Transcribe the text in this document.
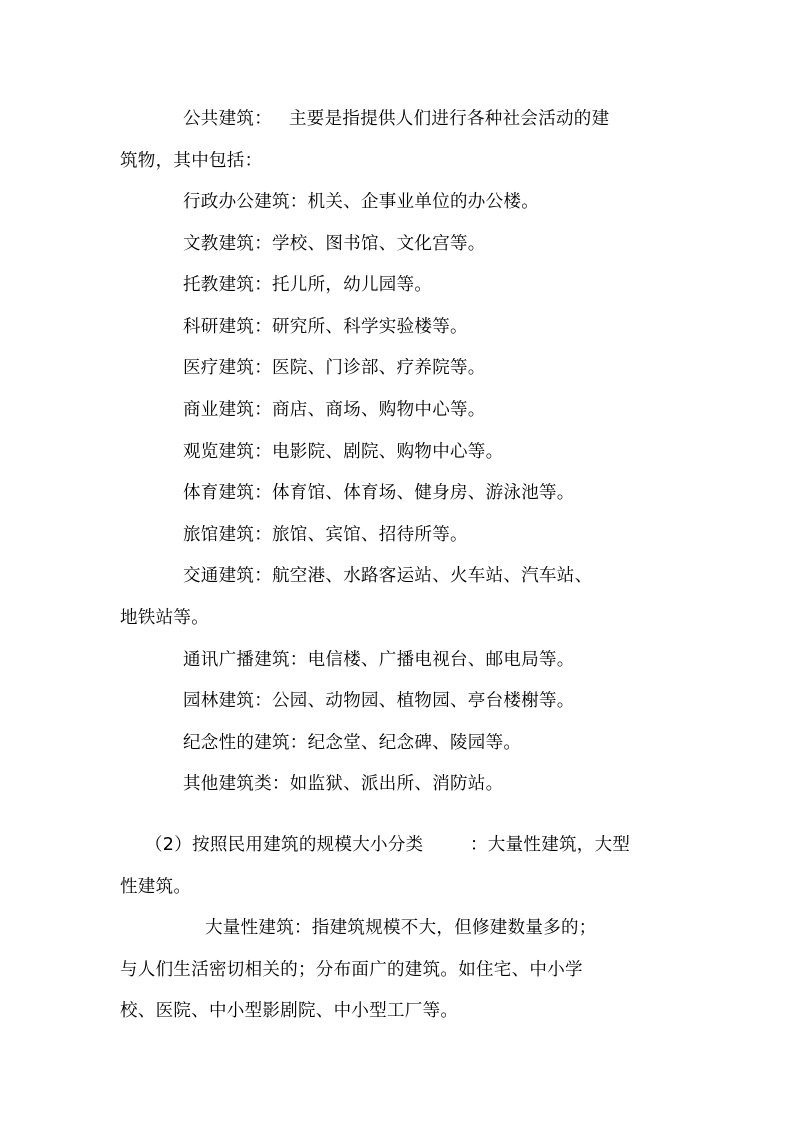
公共建筑： 主要是指提供人们进行各种社会活动的建
筑物，其中包括：
行政办公建筑：机关、企事业单位的办公楼。
文教建筑：学校、图书馆、文化宫等。
托教建筑：托儿所，幼儿园等。
科研建筑：研究所、科学实验楼等。
医疗建筑：医院、门诊部、疗养院等。
商业建筑：商店、商场、购物中心等。
观览建筑：电影院、剧院、购物中心等。
体育建筑：体育馆、体育场、健身房、游泳池等。
旅馆建筑：旅馆、宾馆、招待所等。
交通建筑：航空港、水路客运站、火车站、汽车站、
地铁站等。
通讯广播建筑：电信楼、广播电视台、邮电局等。
园林建筑：公园、动物园、植物园、亭台楼榭等。
纪念性的建筑：纪念堂、纪念碑、陵园等。
其他建筑类：如监狱、派出所、消防站。
（2）按照民用建筑的规模大小分类	：大量性建筑，大型
性建筑。
大量性建筑：指建筑规模不大，但修建数量多的；
与人们生活密切相关的；分布面广的建筑。如住宅、中小学
校、医院、中小型影剧院、中小型工厂等。
